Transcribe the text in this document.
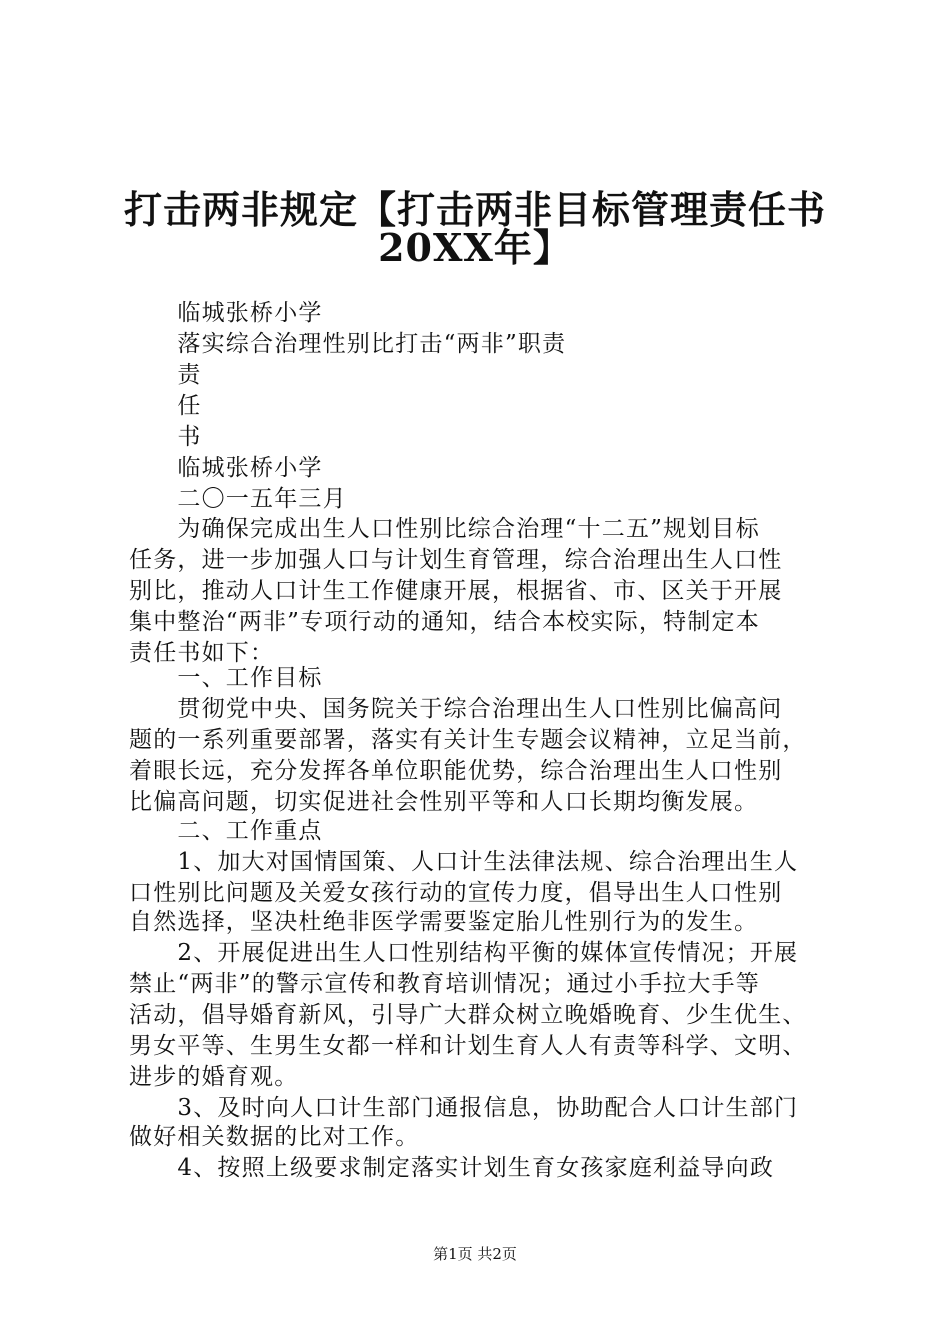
打击两非规定【打击两非目标管理责任书
20XX年】
　　临城张桥小学
　　落实综合治理性别比打击“两非”职责
　　责
　　任
　　书
　　临城张桥小学
　　二〇一五年三月
　　为确保完成出生人口性别比综合治理“十二五”规划目标
任务，进一步加强人口与计划生育管理，综合治理出生人口性
别比，推动人口计生工作健康开展，根据省、市、区关于开展
集中整治“两非”专项行动的通知，结合本校实际，特制定本
责任书如下：
　　一、工作目标
　　贯彻党中央、国务院关于综合治理出生人口性别比偏高问
题的一系列重要部署，落实有关计生专题会议精神，立足当前，
着眼长远，充分发挥各单位职能优势，综合治理出生人口性别
比偏高问题，切实促进社会性别平等和人口长期均衡发展。
　　二、工作重点
　　1、加大对国情国策、人口计生法律法规、综合治理出生人
口性别比问题及关爱女孩行动的宣传力度，倡导出生人口性别
自然选择，坚决杜绝非医学需要鉴定胎儿性别行为的发生。
　　2、开展促进出生人口性别结构平衡的媒体宣传情况；开展
禁止“两非”的警示宣传和教育培训情况；通过小手拉大手等
活动，倡导婚育新风，引导广大群众树立晚婚晚育、少生优生、
男女平等、生男生女都一样和计划生育人人有责等科学、文明、
进步的婚育观。
　　3、及时向人口计生部门通报信息，协助配合人口计生部门
做好相关数据的比对工作。
　　4、按照上级要求制定落实计划生育女孩家庭利益导向政
第1页 共2页
